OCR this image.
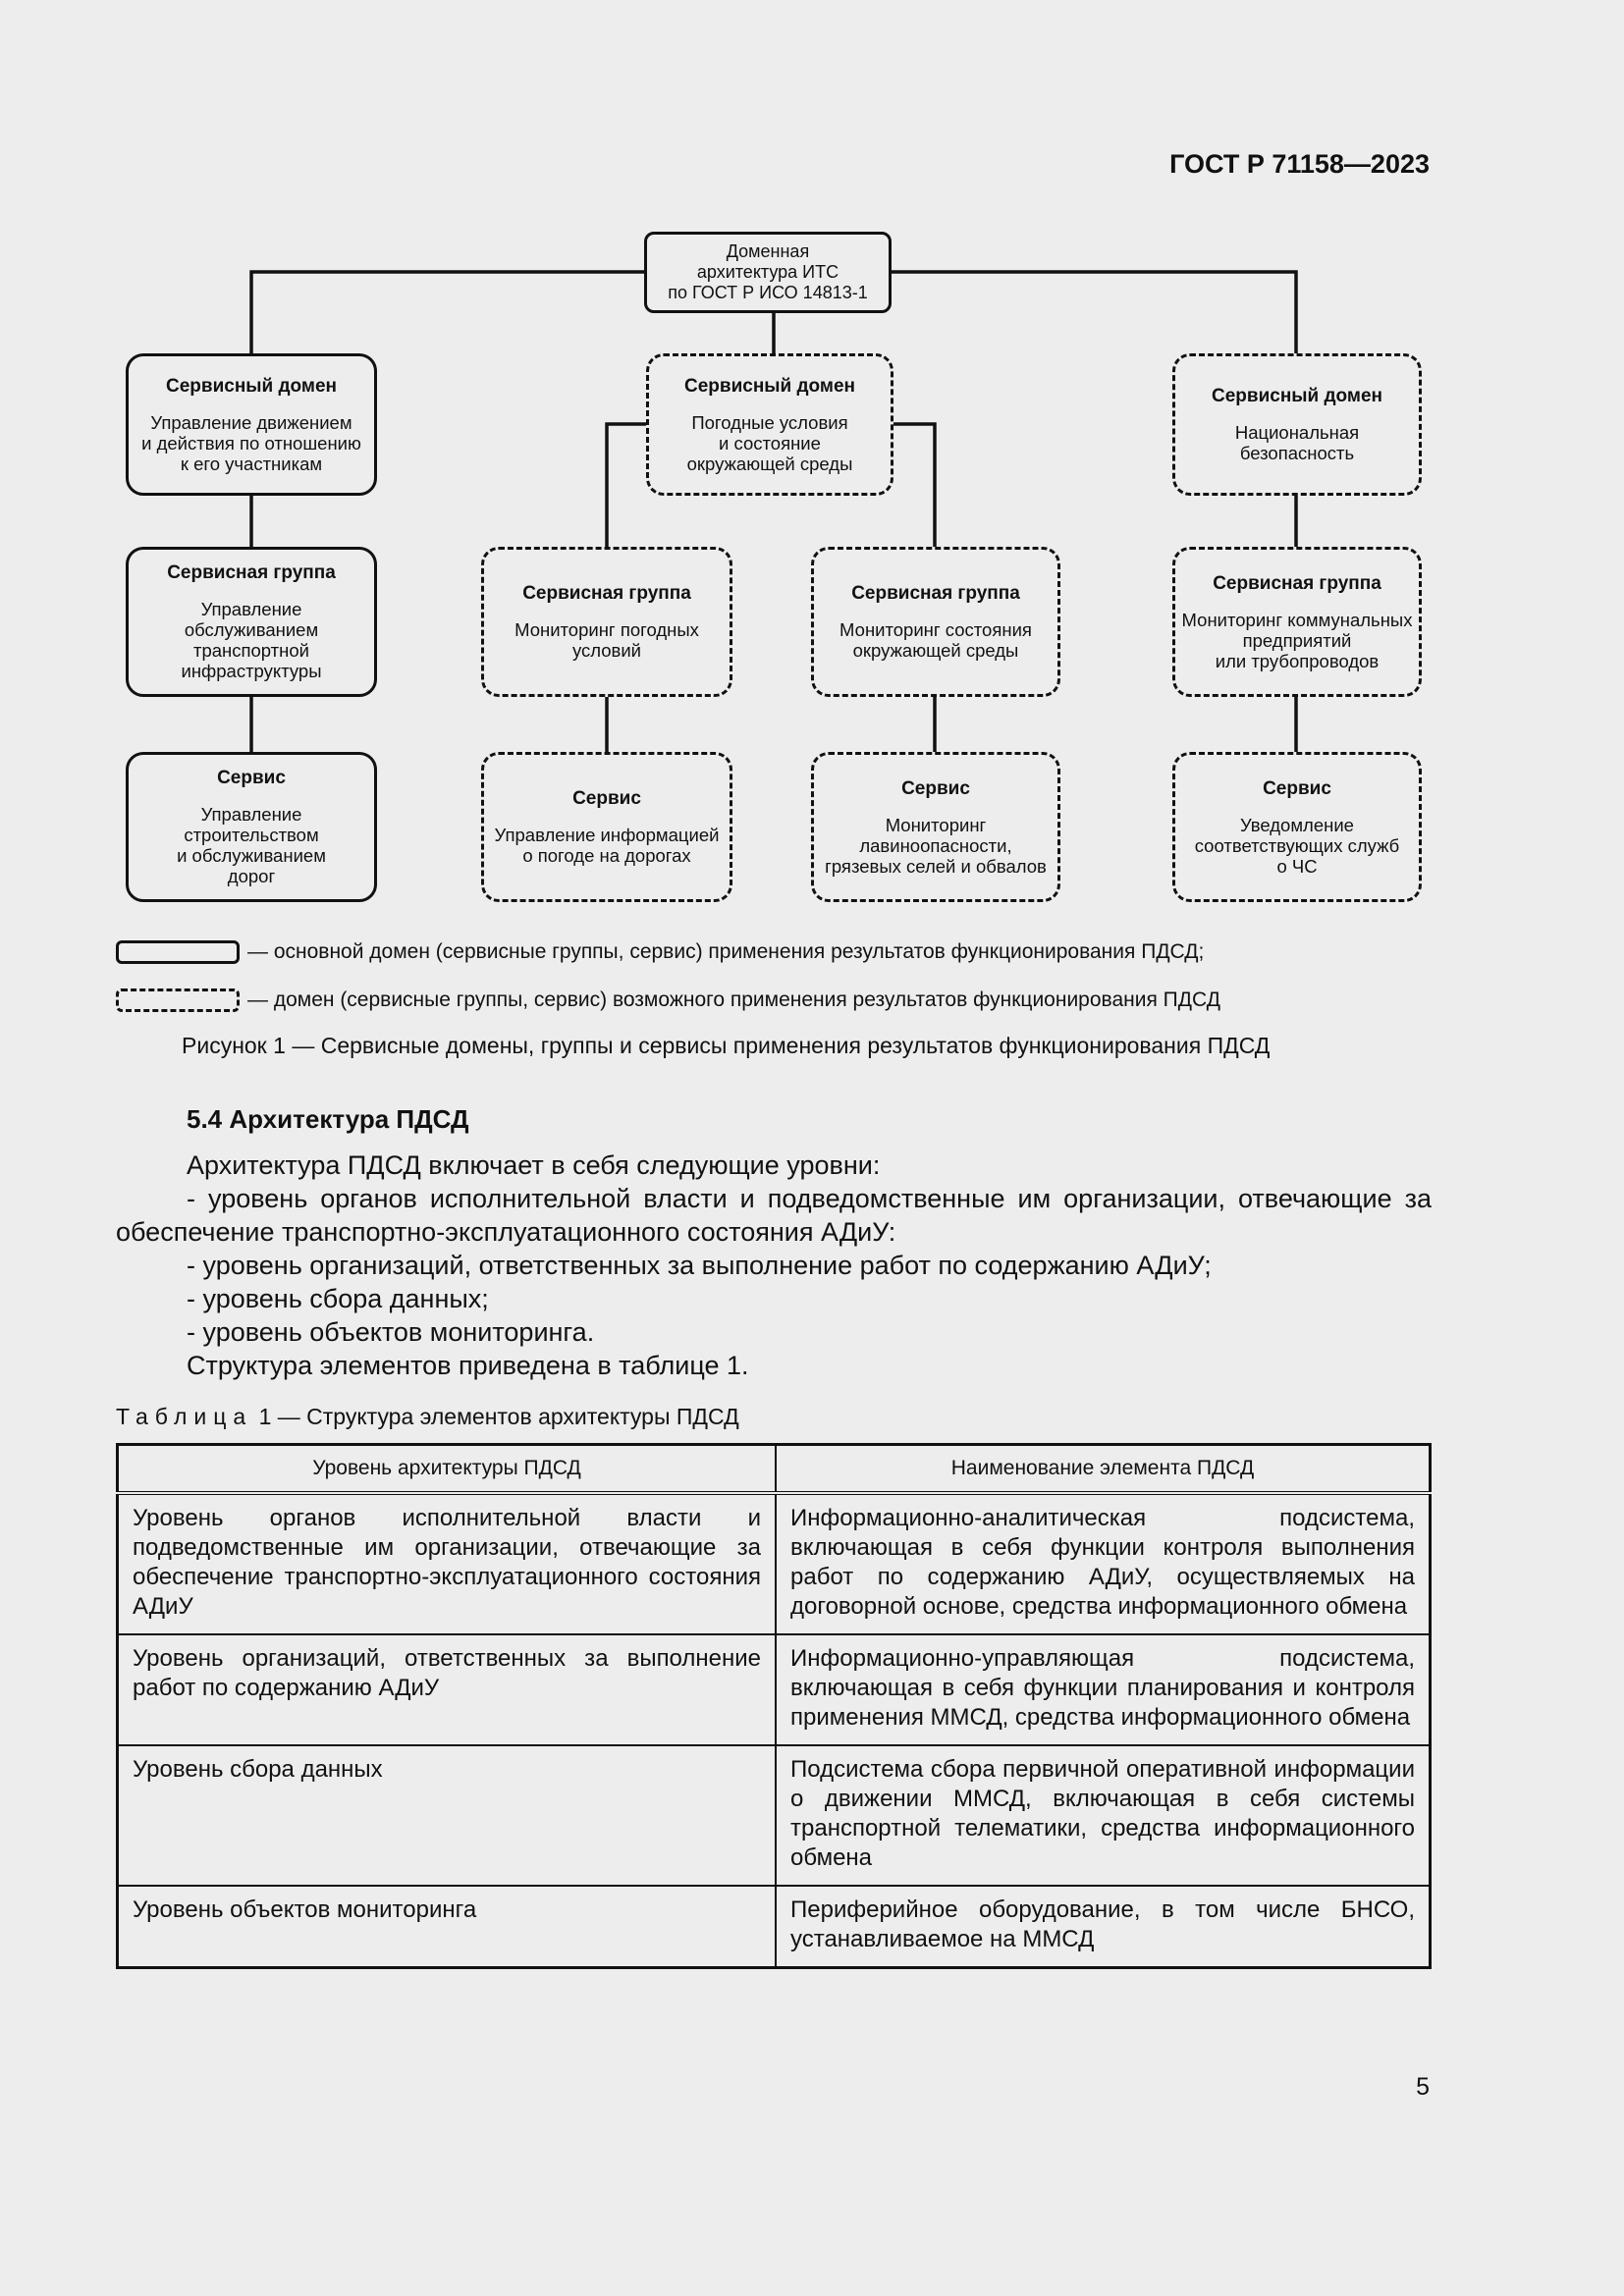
ГОСТ Р 71158—2023
Доменная
архитектура ИТС
по ГОСТ Р ИСО 14813-1
Сервисный домен
Управление движением
и действия по отношению
к его участникам
Сервисный домен
Погодные условия
и состояние
окружающей среды
Сервисный домен
Национальная
безопасность
Сервисная группа
Управление
обслуживанием
транспортной
инфраструктуры
Сервисная группа
Мониторинг погодных
условий
Сервисная группа
Мониторинг состояния
окружающей среды
Сервисная группа
Мониторинг коммунальных
предприятий
или трубопроводов
Сервис
Управление
строительством
и обслуживанием
дорог
Сервис
Управление информацией
о погоде на дорогах
Сервис
Мониторинг
лавиноопасности,
грязевых селей и обвалов
Сервис
Уведомление
соответствующих служб
о ЧС
— основной домен (сервисные группы, сервис) применения результатов функционирования ПДСД;
— домен (сервисные группы, сервис) возможного применения результатов функционирования ПДСД
Рисунок 1 — Сервисные домены, группы и сервисы применения результатов функционирования ПДСД
5.4 Архитектура ПДСД

Архитектура ПДСД включает в себя следующие уровни:

- уровень органов исполнительной власти и подведомственные им организации, отвечающие за обеспечение транспортно-эксплуатационного состояния АДиУ:

- уровень организаций, ответственных за выполнение работ по содержанию АДиУ;

- уровень сбора данных;

- уровень объектов мониторинга.

Структура элементов приведена в таблице 1.

Таблица 1 — Структура элементов архитектуры ПДСД
Уровень архитектуры ПДСД	Наименование элемента ПДСД
Уровень органов исполнительной власти и подведомственные им организации, отвечающие за обеспечение транспортно-эксплуатационного состояния АДиУ	Информационно-аналитическая подсистема, включающая в себя функции контроля выполнения работ по содержанию АДиУ, осуществляемых на договорной основе, средства информационного обмена
Уровень организаций, ответственных за выполнение работ по содержанию АДиУ	Информационно-управляющая подсистема, включающая в себя функции планирования и контроля применения ММСД, средства информационного обмена
Уровень сбора данных	Подсистема сбора первичной оперативной информации о движении ММСД, включающая в себя системы транспортной телематики, средства информационного обмена
Уровень объектов мониторинга	Периферийное оборудование, в том числе БНСО, устанавливаемое на ММСД
5
